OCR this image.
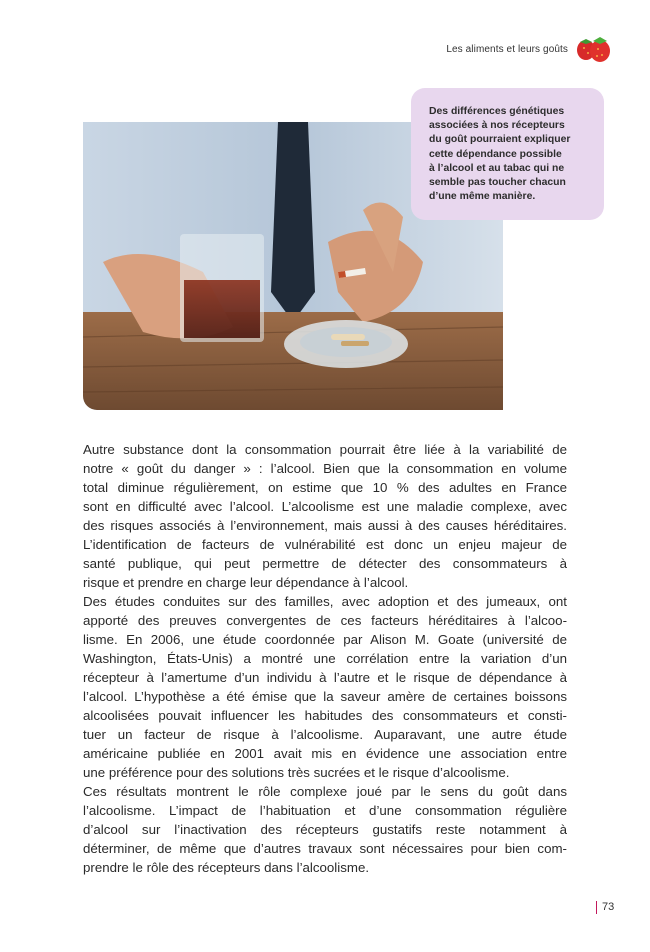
Les aliments et leurs goûts

Des différences génétiques
associées à nos récepteurs
du goût pourraient expliquer
cette dépendance possible
à l’alcool et au tabac qui ne
semble pas toucher chacun
d’une même manière.

Autre substance dont la consommation pourrait être liée à la variabilité de
notre « goût du danger » : l’alcool. Bien que la consommation en volume
total diminue régulièrement, on estime que 10 % des adultes en France
sont en difficulté avec l’alcool. L’alcoolisme est une maladie complexe, avec
des risques associés à l’environnement, mais aussi à des causes héréditaires.
L’identification de facteurs de vulnérabilité est donc un enjeu majeur de
santé publique, qui peut permettre de détecter des consommateurs à
risque et prendre en charge leur dépendance à l’alcool.
Des études conduites sur des familles, avec adoption et des jumeaux, ont
apporté des preuves convergentes de ces facteurs héréditaires à l’alcoo-
lisme. En 2006, une étude coordonnée par Alison M. Goate (université de
Washington, États-Unis) a montré une corrélation entre la variation d’un
récepteur à l’amertume d’un individu à l’autre et le risque de dépendance à
l’alcool. L’hypothèse a été émise que la saveur amère de certaines boissons
alcoolisées pouvait influencer les habitudes des consommateurs et consti-
tuer un facteur de risque à l’alcoolisme. Auparavant, une autre étude
américaine publiée en 2001 avait mis en évidence une association entre
une préférence pour des solutions très sucrées et le risque d’alcoolisme.
Ces résultats montrent le rôle complexe joué par le sens du goût dans
l’alcoolisme. L’impact de l’habituation et d’une consommation régulière
d’alcool sur l’inactivation des récepteurs gustatifs reste notamment à
déterminer, de même que d’autres travaux sont nécessaires pour bien com-
prendre le rôle des récepteurs dans l’alcoolisme.
73
